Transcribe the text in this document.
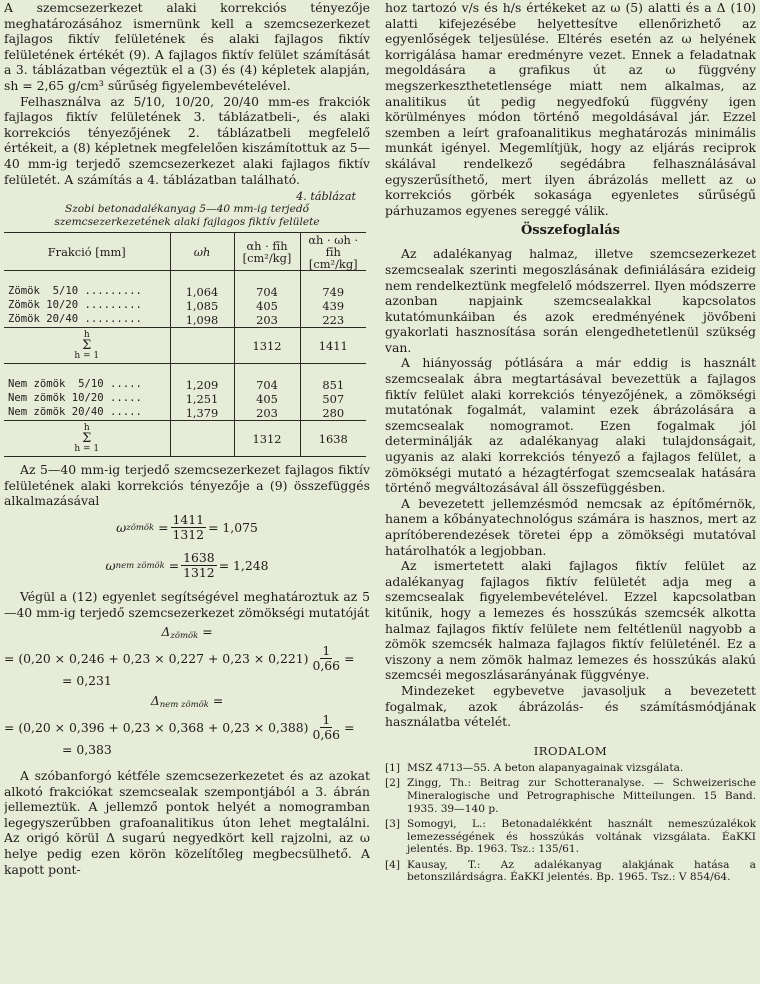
A szemcsezerkezet alaki korrekciós tényezője meghatározásához ismernünk kell a szemcsezerkezet fajlagos fiktív felületének és alaki fajlagos fiktív felületének értékét (9). A fajlagos fiktív felület számítását a 3. táblázatban végeztük el a (3) és (4) képletek alapján, sh = 2,65 g/cm³ sűrűség figyelembevételével.

Felhasználva az 5/10, 10/20, 20/40 mm-es frakciók fajlagos fiktív felületének 3. táblázatbeli-, és alaki korrekciós tényezőjének 2. táblázatbeli megfelelő értékeit, a (8) képletnek megfelelően kiszámítottuk az 5—40 mm-ig terjedő szemcsezerkezet alaki fajlagos fiktív felületét. A számítás a 4. táblázatban található.

4. táblázat
Szobi betonadalékanyag 5—40 mm-ig terjedő
szemcsezerkezetének alaki fajlagos fiktív felülete
Frakció [mm]	ωh	αh · fīh [cm²/kg]	αh · ωh · fīh [cm²/kg]
Zömök  5/10 .........	1,064	704	749
Zömök 10/20 .........	1,085	405	439
Zömök 20/40 .........	1,098	203	223
h
Σ
h = 1		1312	1411
Nem zömök  5/10 .....	1,209	704	851
Nem zömök 10/20 .....	1,251	405	507
Nem zömök 20/40 .....	1,379	203	280
h
Σ
h = 1		1312	1638

Az 5—40 mm-ig terjedő szemcsezerkezet fajlagos fiktív felületének alaki korrekciós tényezője a (9) összefüggés alkalmazásával

ω zömök = $\frac{1411}{1312} = 1,075$
ω nem zömök = $\frac{1638}{1312} = 1,248$

Végül a (12) egyenlet segítségével meghatároztuk az 5—40 mm-ig terjedő szemcsezerkezet zömökségi mutatóját

$\Delta_{zömök}$ =
= $(0,20 \times 0,246 + 0,23 \times 0,227 + 0,23 \times 0,221) \frac{1}{0,66}$ =
= 0,231
$\Delta_{nem zömök}$ =
= $(0,20 \times 0,396 + 0,23 \times 0,368 + 0,23 \times 0,388) \frac{1}{0,66}$ =
= 0,383

A szóbanforgó kétféle szemcsezerkezetet és az azokat alkotó frakciókat szemcsealak szempontjából a 3. ábrán jellemeztük. A jellemző pontok helyét a nomogramban legegyszerűbben grafoanalitikus úton lehet megtalálni. Az origó körül Δ sugarú negyedkört kell rajzolni, az ω helye pedig ezen körön közelítőleg megbecsülhető. A kapott pont-

hoz tartozó v/s és h/s értékeket az ω (5) alatti és a Δ (10) alatti kifejezésébe helyettesítve ellenőrizhető az egyenlőségek teljesülése. Eltérés esetén az ω helyének korrigálása hamar eredményre vezet. Ennek a feladatnak megoldására a grafikus út az ω függvény megszerkeszthetetlensége miatt nem alkalmas, az analitikus út pedig negyedfokú függvény igen körülményes módon történő megoldásával jár. Ezzel szemben a leírt grafoanalitikus meghatározás minimális munkát igényel. Megemlítjük, hogy az eljárás reciprok skálával rendelkező segédábra felhasználásával egyszerűsíthető, mert ilyen ábrázolás mellett az ω korrekciós görbék sokasága egyenletes sűrűségű párhuzamos egyenes sereggé válik.

Összefoglalás

Az adalékanyag halmaz, illetve szemcsezerkezet szemcsealak szerinti megoszlásának definiálására ezideig nem rendelkeztünk megfelelő módszerrel. Ilyen módszerre azonban napjaink szemcsealakkal kapcsolatos kutatómunkáiban és azok eredményének jövőbeni gyakorlati hasznosítása során elengedhetetlenül szükség van.

A hiányosság pótlására a már eddig is használt szemcsealak ábra megtartásával bevezettük a fajlagos fiktív felület alaki korrekciós tényezőjének, a zömökségi mutatónak fogalmát, valamint ezek ábrázolására a szemcsealak nomogramot. Ezen fogalmak jól determinálják az adalékanyag alaki tulajdonságait, ugyanis az alaki korrekciós tényező a fajlagos felület, a zömökségi mutató a hézagtérfogat szemcsealak hatására történő megváltozásával áll összefüggésben.

A bevezetett jellemzésmód nemcsak az építőmérnök, hanem a kőbányatechnológus számára is hasznos, mert az aprítóberendezések töretei épp a zömökségi mutatóval határolhatók a legjobban.

Az ismertetett alaki fajlagos fiktív felület az adalékanyag fajlagos fiktív felületét adja meg a szemcsealak figyelembevételével. Ezzel kapcsolatban kitűnik, hogy a lemezes és hosszúkás szemcsék alkotta halmaz fajlagos fiktív felülete nem feltétlenül nagyobb a zömök szemcsék halmaza fajlagos fiktív felületénél. Ez a viszony a nem zömök halmaz lemezes és hosszúkás alakú szemcséi megoszlásarányának függvénye.

Mindezeket egybevetve javasoljuk a bevezetett fogalmak, azok ábrázolás- és számításmódjának használatba vételét.

IRODALOM
[1] MSZ 4713—55. A beton alapanyagainak vizsgálata.
[2] Zingg, Th.: Beitrag zur Schotteranalyse. — Schweizerische Mineralogische und Petrographische Mitteilungen. 15 Band. 1935. 39—140 p.
[3] Somogyi, L.: Betonadalékként használt nemeszúzalékok lemezességének és hosszúkás voltának vizsgálata. ÉaKKI jelentés. Bp. 1963. Tsz.: 135/61.
[4] Kausay, T.: Az adalékanyag alakjának hatása a betonszilárdságra. ÉaKKI jelentés. Bp. 1965. Tsz.: V 854/64.
